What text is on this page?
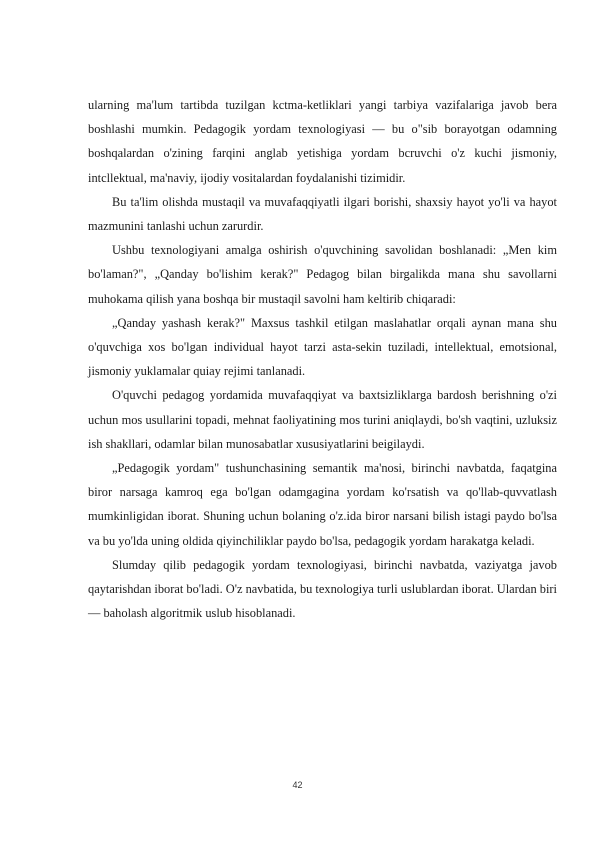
ularning ma'lum tartibda tuzilgan kctma-ketliklari yangi tarbiya vazifalariga javob bera boshlashi mumkin. Pedagogik yordam texnologiyasi — bu o"sib borayotgan odamning boshqalardan o'zining farqini anglab yetishiga yordam bcruvchi o'z kuchi jismoniy, intcllektual, ma'naviy, ijodiy vositalardan foydalanishi tizimidir.

Bu ta'lim olishda mustaqil va muvafaqqiyatli ilgari borishi, shaxsiy hayot yo'li va hayot mazmunini tanlashi uchun zarurdir.

Ushbu texnologiyani amalga oshirish o'quvchining savolidan boshlanadi: „Men kim bo'laman?", „Qanday bo'lishim kerak?" Pedagog bilan birgalikda mana shu savollarni muhokama qilish yana boshqa bir mustaqil savolni ham keltirib chiqaradi:

„Qanday yashash kerak?" Maxsus tashkil etilgan maslahatlar orqali aynan mana shu o'quvchiga xos bo'lgan individual hayot tarzi asta-sekin tuziladi, intellektual, emotsional, jismoniy yuklamalar quiay rejimi tanlanadi.

O'quvchi pedagog yordamida muvafaqqiyat va baxtsizliklarga bardosh berishning o'zi uchun mos usullarini topadi, mehnat faoliyatining mos turini aniqlaydi, bo'sh vaqtini, uzluksiz ish shakllari, odamlar bilan munosabatlar xususiyatlarini beigilaydi.

„Pedagogik yordam" tushunchasining semantik ma'nosi, birinchi navbatda, faqatgina biror narsaga kamroq ega bo'lgan odamgagina yordam ko'rsatish va qo'llab-quvvatlash mumkinligidan iborat. Shuning uchun bolaning o'z.ida biror narsani bilish istagi paydo bo'lsa va bu yo'lda uning oldida qiyinchiliklar paydo bo'lsa, pedagogik yordam harakatga keladi.

Slumday qilib pedagogik yordam texnologiyasi, birinchi navbatda, vaziyatga javob qaytarishdan iborat bo'ladi. O'z navbatida, bu texnologiya turli uslublardan iborat. Ulardan biri — baholash algoritmik uslub hisoblanadi.

42
